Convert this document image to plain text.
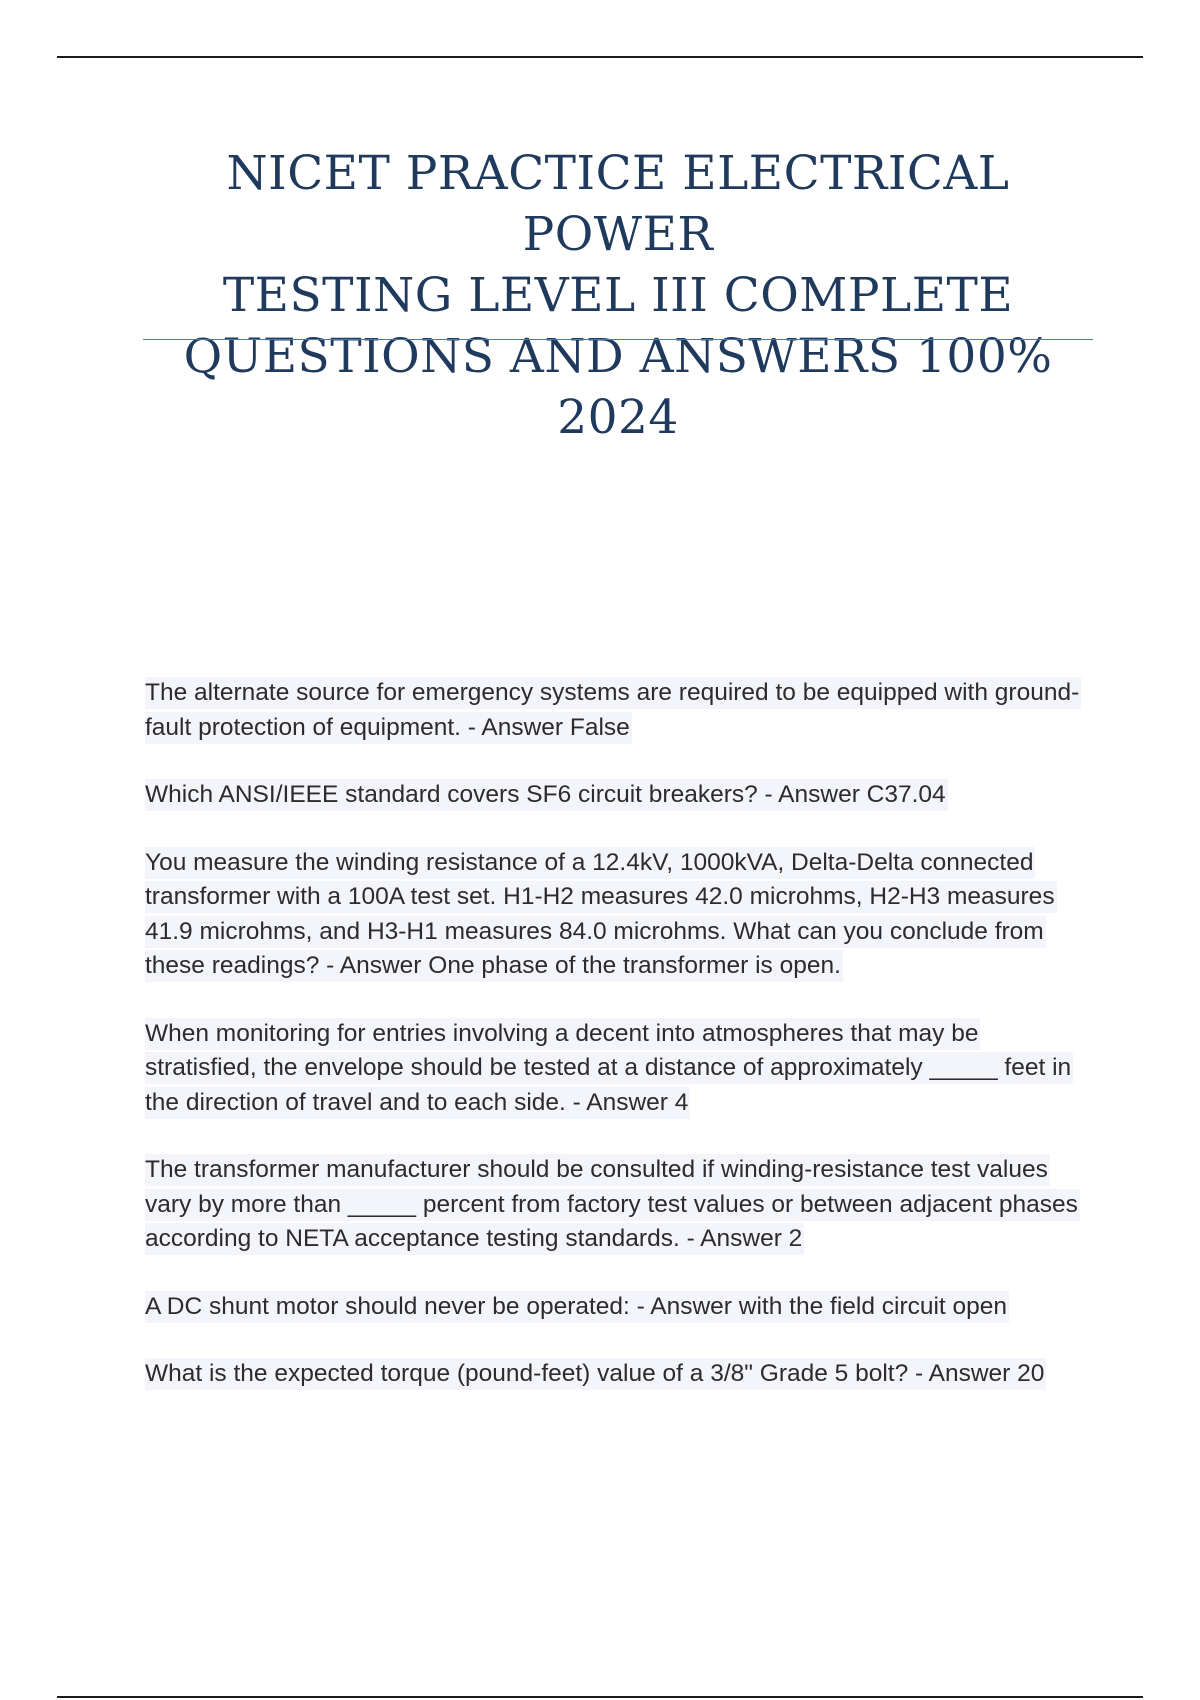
NICET PRACTICE ELECTRICAL POWER
TESTING LEVEL III COMPLETE
QUESTIONS AND ANSWERS 100% 2024

The alternate source for emergency systems are required to be equipped with ground-fault protection of equipment. - Answer False

Which ANSI/IEEE standard covers SF6 circuit breakers? - Answer C37.04

You measure the winding resistance of a 12.4kV, 1000kVA, Delta-Delta connected transformer with a 100A test set. H1-H2 measures 42.0 microhms, H2-H3 measures 41.9 microhms, and H3-H1 measures 84.0 microhms. What can you conclude from these readings? - Answer One phase of the transformer is open.

When monitoring for entries involving a decent into atmospheres that may be stratisfied, the envelope should be tested at a distance of approximately _____ feet in the direction of travel and to each side. - Answer 4

The transformer manufacturer should be consulted if winding-resistance test values vary by more than _____ percent from factory test values or between adjacent phases according to NETA acceptance testing standards. - Answer 2

A DC shunt motor should never be operated: - Answer with the field circuit open

What is the expected torque (pound-feet) value of a 3/8" Grade 5 bolt? - Answer 20
